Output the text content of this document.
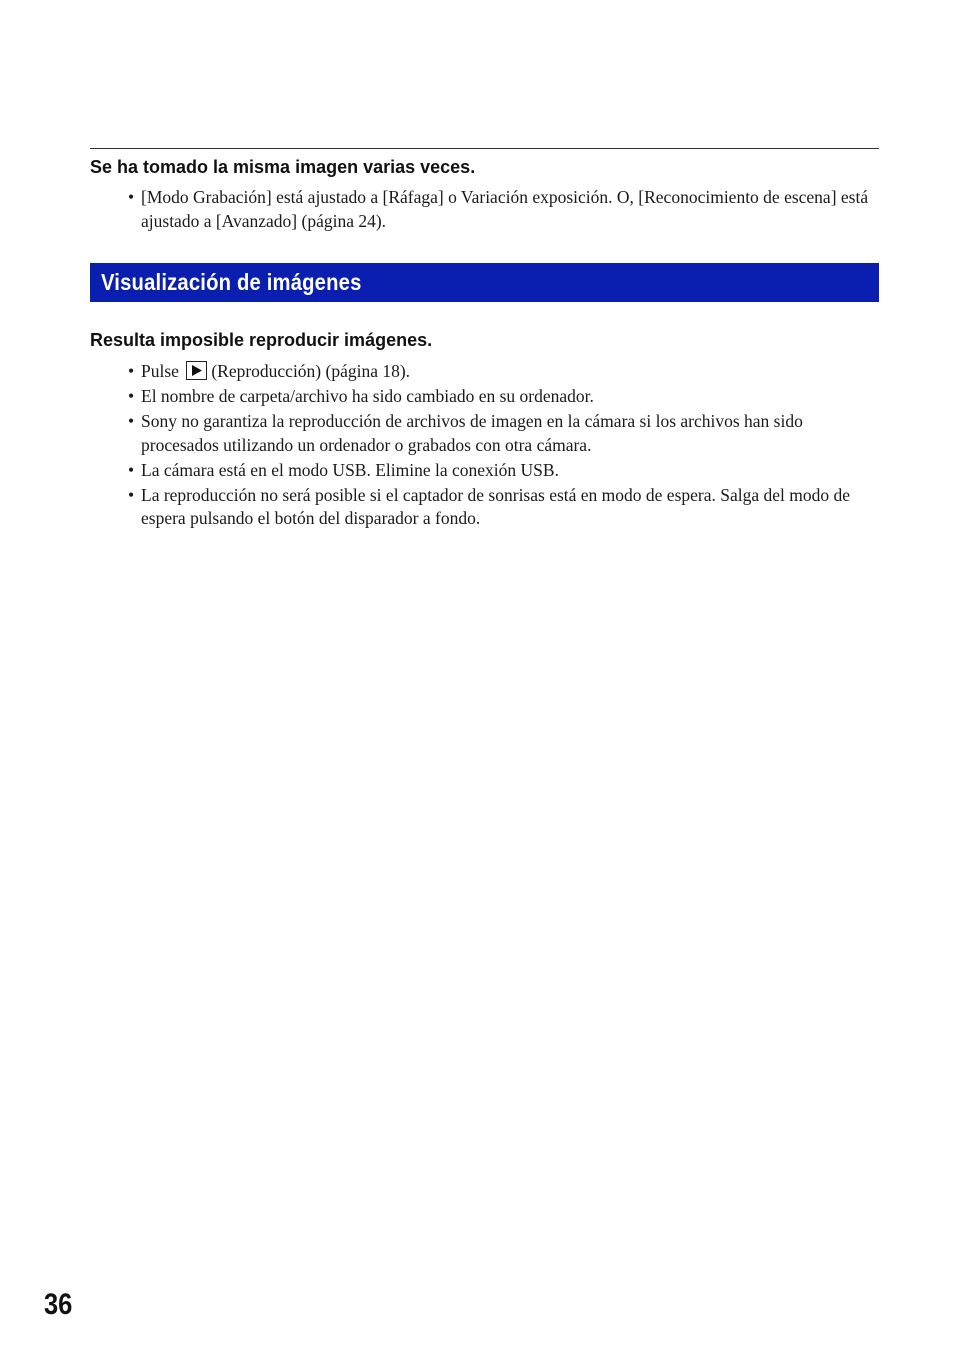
Se ha tomado la misma imagen varias veces.
• [Modo Grabación] está ajustado a [Ráfaga] o Variación exposición. O, [Reconocimiento de escena] está ajustado a [Avanzado] (página 24).
Visualización de imágenes
Resulta imposible reproducir imágenes.
• Pulse (Reproducción) (página 18).
• El nombre de carpeta/archivo ha sido cambiado en su ordenador.
• Sony no garantiza la reproducción de archivos de imagen en la cámara si los archivos han sido procesados utilizando un ordenador o grabados con otra cámara.
• La cámara está en el modo USB. Elimine la conexión USB.
• La reproducción no será posible si el captador de sonrisas está en modo de espera. Salga del modo de espera pulsando el botón del disparador a fondo.

36
